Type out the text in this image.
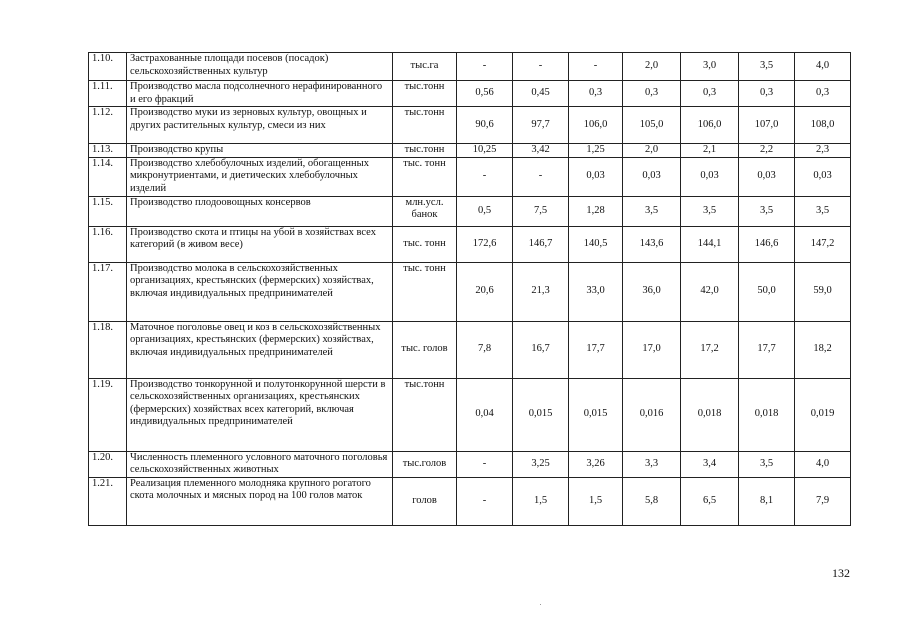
1.10.	Застрахованные площади посевов (посадок) сельскохозяйственных культур	тыс.га	-	-	-	2,0	3,0	3,5	4,0
1.11.	Производство масла подсолнечного нерафинированного и его фракций	тыс.тонн	0,56	0,45	0,3	0,3	0,3	0,3	0,3
1.12.	Производство муки из зерновых культур, овощных и других растительных культур, смеси из них	тыс.тонн	90,6	97,7	106,0	105,0	106,0	107,0	108,0
1.13.	Производство крупы	тыс.тонн	10,25	3,42	1,25	2,0	2,1	2,2	2,3
1.14.	Производство хлебобулочных изделий, обогащенных микронутриентами, и диетических хлебобулочных изделий	тыс. тонн	-	-	0,03	0,03	0,03	0,03	0,03
1.15.	Производство плодоовощных консервов	млн.усл. банок	0,5	7,5	1,28	3,5	3,5	3,5	3,5
1.16.	Производство скота и птицы на убой в хозяйствах всех категорий (в живом весе)	тыс. тонн	172,6	146,7	140,5	143,6	144,1	146,6	147,2
1.17.	Производство молока в сельскохозяйственных организациях, крестьянских (фермерских) хозяйствах, включая индивидуальных предпринимателей	тыс. тонн	20,6	21,3	33,0	36,0	42,0	50,0	59,0
1.18.	Маточное поголовье овец и коз в сельскохозяйственных организациях, крестьянских (фермерских) хозяйствах, включая индивидуальных предпринимателей	тыс. голов	7,8	16,7	17,7	17,0	17,2	17,7	18,2
1.19.	Производство тонкорунной и полутонкорунной шерсти в сельскохозяйственных организациях, крестьянских (фермерских) хозяйствах всех категорий, включая индивидуальных предпринимателей	тыс.тонн	0,04	0,015	0,015	0,016	0,018	0,018	0,019
1.20.	Численность племенного условного маточного поголовья сельскохозяйственных животных	тыс.голов	-	3,25	3,26	3,3	3,4	3,5	4,0
1.21.	Реализация племенного молодняка крупного рогатого скота молочных и мясных пород на 100 голов маток	голов	-	1,5	1,5	5,8	6,5	8,1	7,9
132
